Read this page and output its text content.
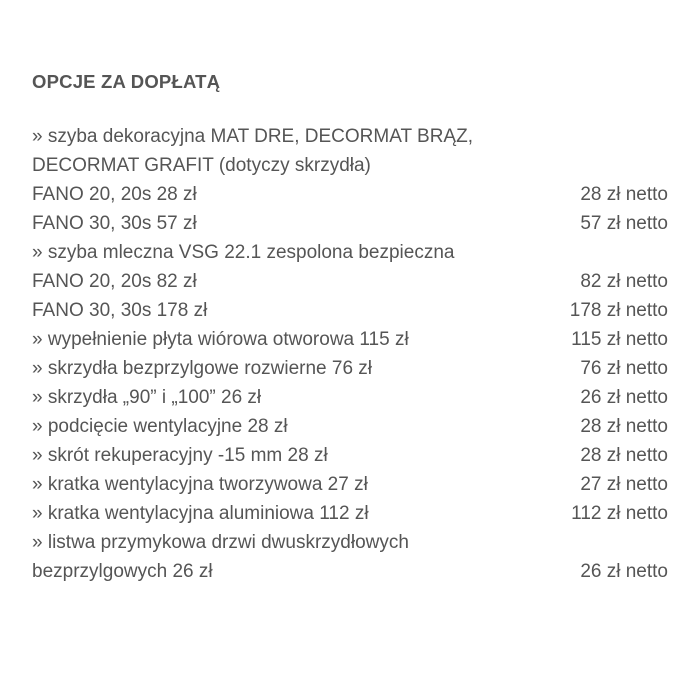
OPCJE ZA DOPŁATĄ
» szyba dekoracyjna MAT DRE, DECORMAT BRĄZ,
DECORMAT GRAFIT (dotyczy skrzydła)
FANO 20, 20s 28 zł	28 zł netto
FANO 30, 30s 57 zł	57 zł netto
» szyba mleczna VSG 22.1 zespolona bezpieczna
FANO 20, 20s 82 zł	82 zł netto
FANO 30, 30s 178 zł	178 zł netto
» wypełnienie płyta wiórowa otworowa 115 zł	115 zł netto
» skrzydła bezprzylgowe rozwierne 76 zł	76 zł netto
» skrzydła „90” i „100” 26 zł	26 zł netto
» podcięcie wentylacyjne 28 zł	28 zł netto
» skrót rekuperacyjny -15 mm 28 zł	28 zł netto
» kratka wentylacyjna tworzywowa 27 zł	27 zł netto
» kratka wentylacyjna aluminiowa 112 zł	112 zł netto
» listwa przymykowa drzwi dwuskrzydłowych
bezprzylgowych 26 zł	26 zł netto
